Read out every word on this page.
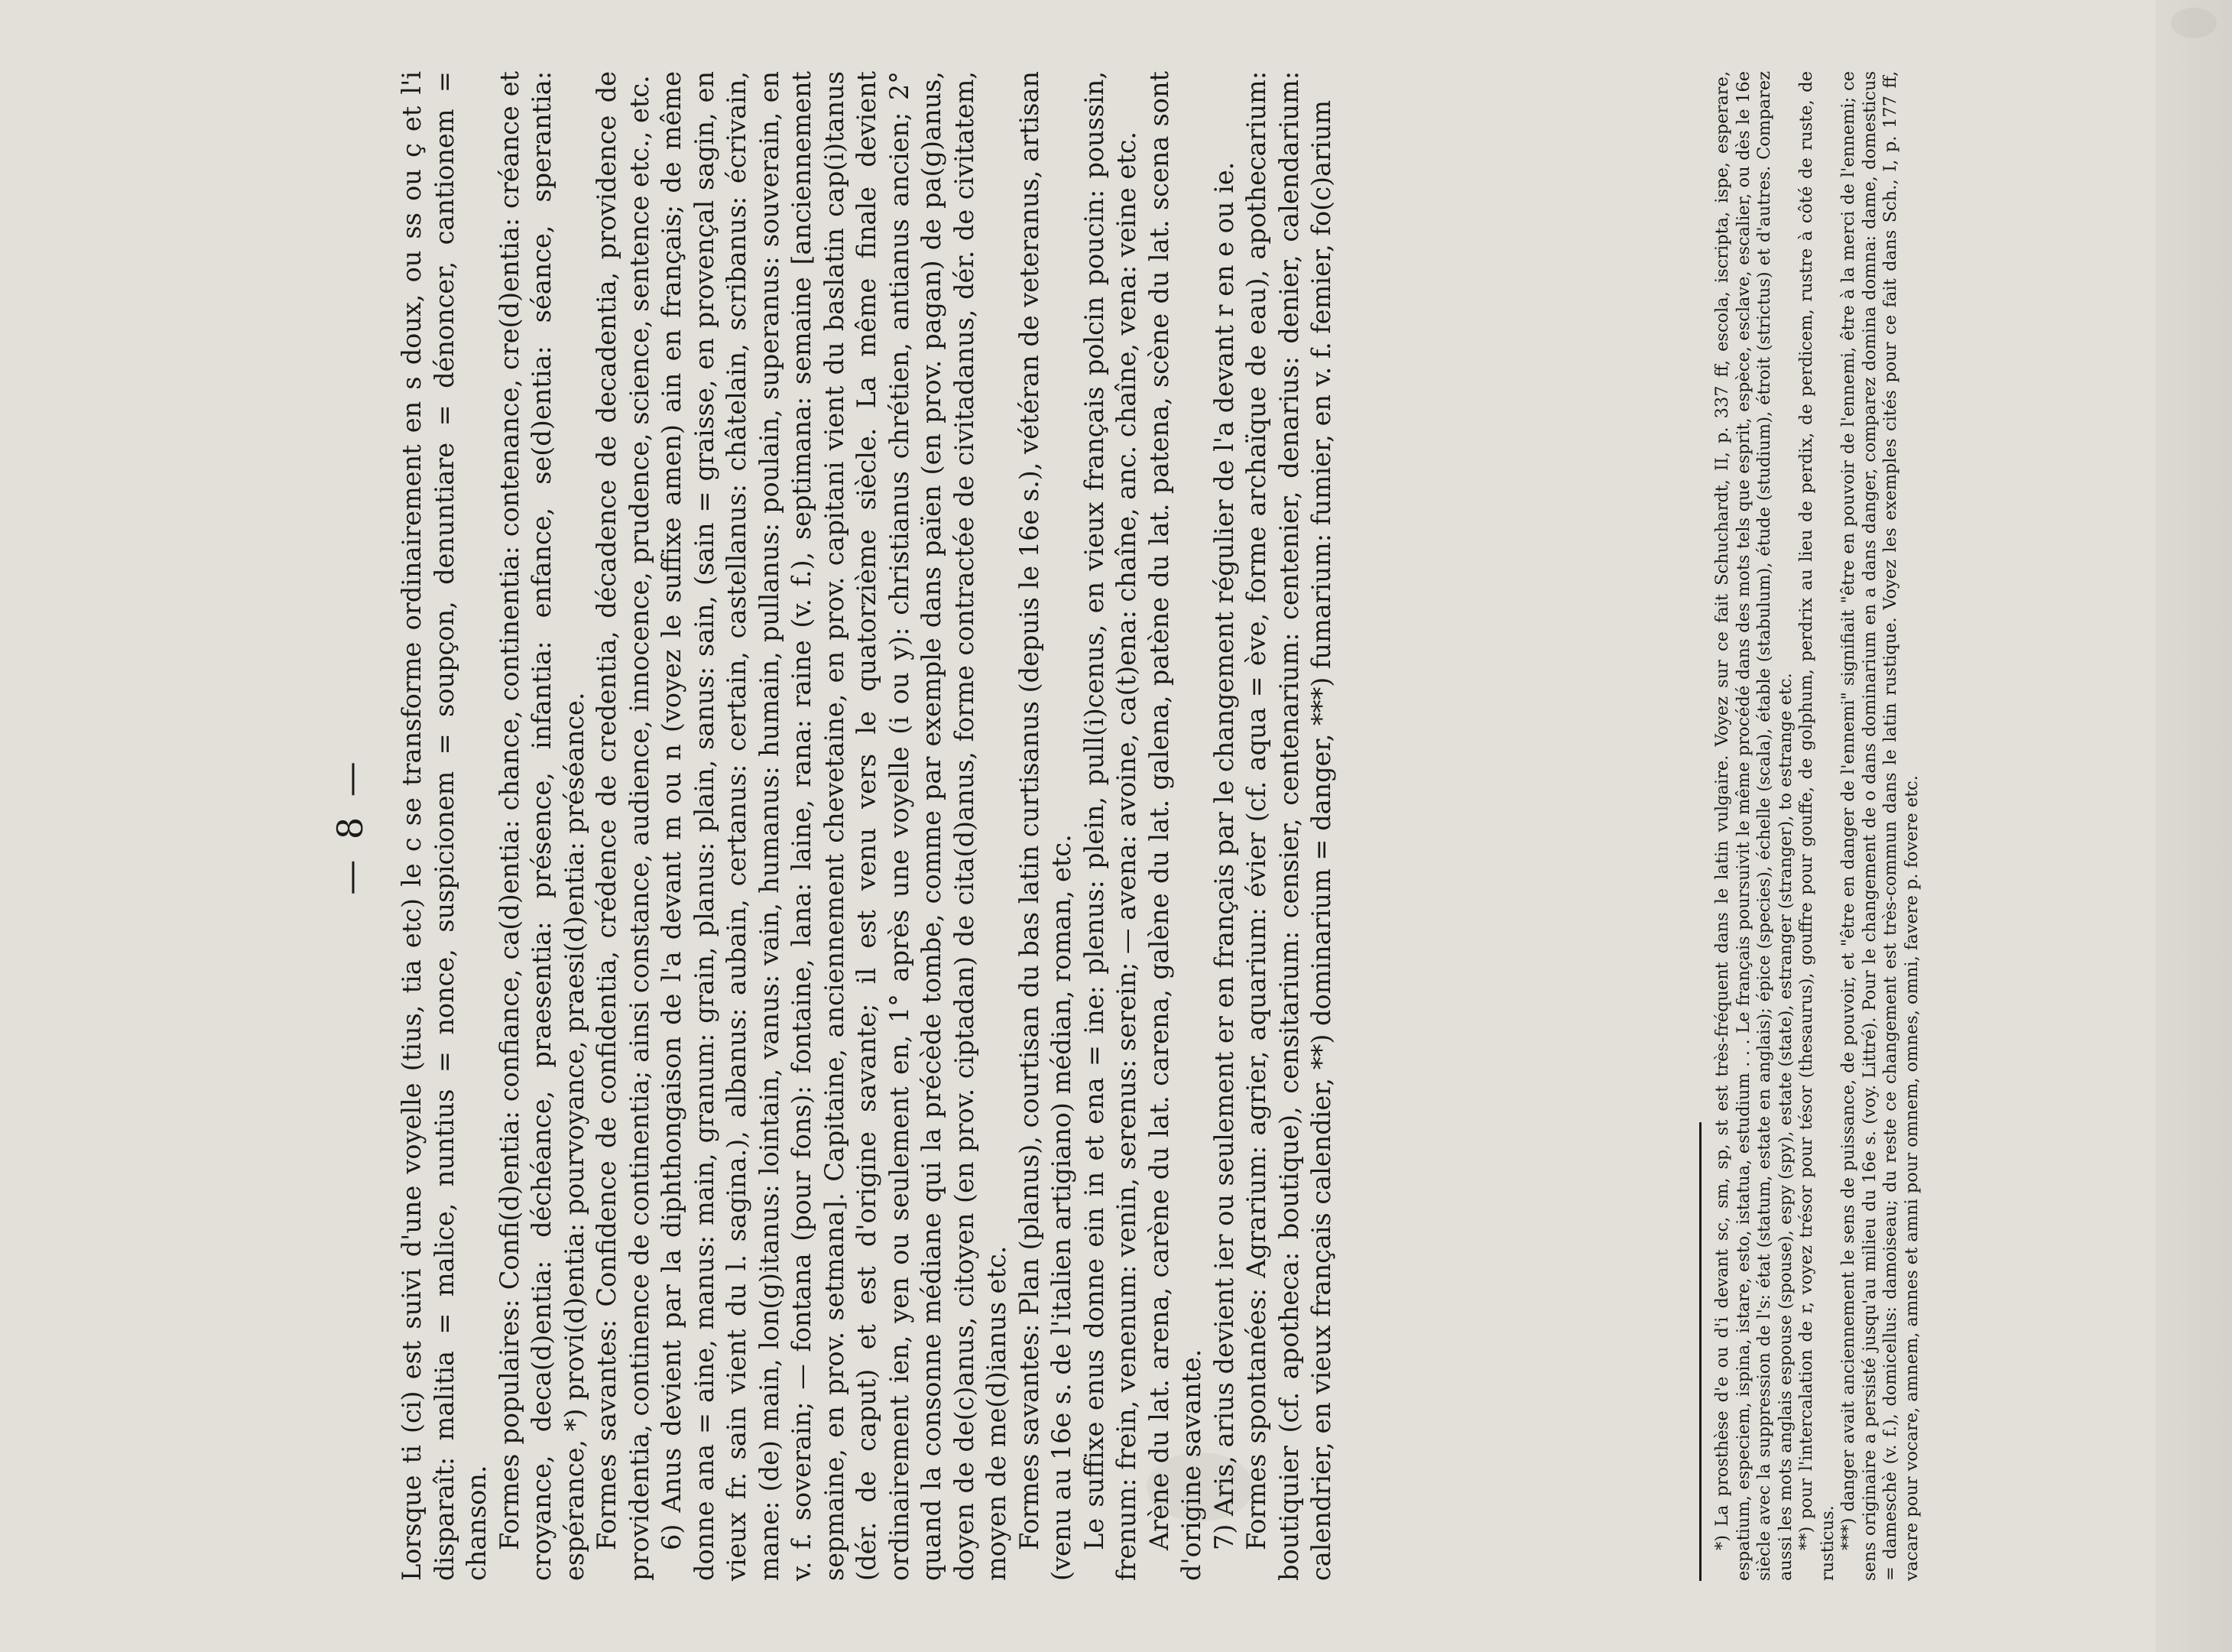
— 8 — Lorsque ti (ci) est suivi d'une voyelle (tius, tia etc) le c se transforme ordinairement en s doux, ou ss ou ç et l'i disparaît: malitia = malice, nuntius = nonce, suspicionem = soupçon, denuntiare = dénoncer, cantionem = chanson. Formes populaires: Confi(d)entia: confiance, ca(d)entia: chance, continentia: contenance, cre(d)entia: créance et croyance, deca(d)entia: déchéance, praesentia: présence, infantia: enfance, se(d)entia: séance, sperantia: espérance, *) provi(d)entia: pourvoyance, praesi(d)entia: préséance. Formes savantes: Confidence de confidentia, crédence de credentia, décadence de decadentia, providence de providentia, continence de continentia; ainsi constance, audience, innocence, prudence, science, sentence etc., etc. 6) Anus devient par la diphthongaison de l'a devant m ou n (voyez le suffixe amen) ain en français; de même donne ana = aine, manus: main, granum: grain, planus: plain, sanus: sain, (sain = graisse, en provençal sagin, en vieux fr. sain vient du l. sagina.), albanus: aubain, certanus: certain, castellanus: châtelain, scribanus: écrivain, mane: (de) main, lon(g)itanus: lointain, vanus: vain, humanus: humain, pullanus: poulain, superanus: souverain, en v. f. soverain; — fontana (pour fons): fontaine, lana: laine, rana: raine (v. f.), septimana: semaine [anciennement sepmaine, en prov. setmana]. Capitaine, anciennement chevetaine, en prov. capitani vient du baslatin cap(i)tanus (dér. de caput) et est d'origine savante; il est venu vers le quatorzième siècle. La même finale devient ordinairement ien, yen ou seulement en, 1° après une voyelle (i ou y): christianus chrétien, antianus ancien; 2° quand la consonne médiane qui la précède tombe, comme par exemple dans païen (en prov. pagan) de pa(g)anus, doyen de de(c)anus, citoyen (en prov. ciptadan) de cita(d)anus, forme contractée de civitadanus, dér. de civitatem, moyen de me(d)ianus etc. Formes savantes: Plan (planus), courtisan du bas latin curtisanus (depuis le 16e s.), vétéran de veteranus, artisan (venu au 16e s. de l'italien artigiano) médian, roman, etc. Le suffixe enus donne ein in et ena = ine: plenus: plein, pull(i)cenus, en vieux français polcin poucin: poussin, frenum: frein, venenum: venin, serenus: serein; — avena: avoine, ca(t)ena: chaîne, anc. chaîne, vena: veine etc. Arène du lat. arena, carène du lat. carena, galène du lat. galena, patène du lat. patena, scène du lat. scena sont d'origine savante. 7) Aris, arius devient ier ou seulement er en français par le changement régulier de l'a devant r en e ou ie. Formes spontanées: Agrarium: agrier, aquarium: évier (cf. aqua = ève, forme archaïque de eau), apothecarium: boutiquier (cf. apotheca: boutique), censitarium: censier, centenarium: centenier, denarius: denier, calendarium: calendrier, en vieux français calendier, **) dominarium = danger, ***) fumarium: fumier, en v. f. femier, fo(c)arium	*) La prosthèse d'e ou d'i devant sc, sm, sp, st est très-fréquent dans le latin vulgaire. Voyez sur ce fait Schuchardt, II, p. 337 ff, escola, iscripta, ispe, esperare, espatium, especiem, ispina, istare, esto, istatua, estudium . . . Le français poursuivit le même procédé dans des mots tels que esprit, espèce, esclave, escalier, ou dès le 16e siècle avec la suppression de l's: état (statum, estate en anglais); épice (species), échelle (scala), étable (stabulum), étude (studium), étroit (strictus) et d'autres. Comparez aussi les mots anglais espouse (spouse), espy (spy), estate (state), estranger (stranger), to estrange etc. **) pour l'intercalation de r, voyez trésor pour tésor (thesaurus), gouffre pour gouffe, de golphum, perdrix au lieu de perdix, de perdicem, rustre à côté de ruste, de rusticus. ***) danger avait anciennement le sens de puissance, de pouvoir, et "être en danger de l'ennemi" signifiait "être en pouvoir de l'ennemi, être à la merci de l'ennemi; ce sens originaire a persisté jusqu'au milieu du 16e s. (voy. Littré). Pour le changement de o dans dominarium en a dans danger, comparez domina domna: dame, domesticus = dameschè (v. f.), domicellus: damoiseau; du reste ce changement est très-commun dans le latin rustique. Voyez les exemples cités pour ce fait dans Sch., I, p. 177 ff, vacare pour vocare, amnem, amnes et amni pour omnem, omnes, omni, favere p. fovere etc.
